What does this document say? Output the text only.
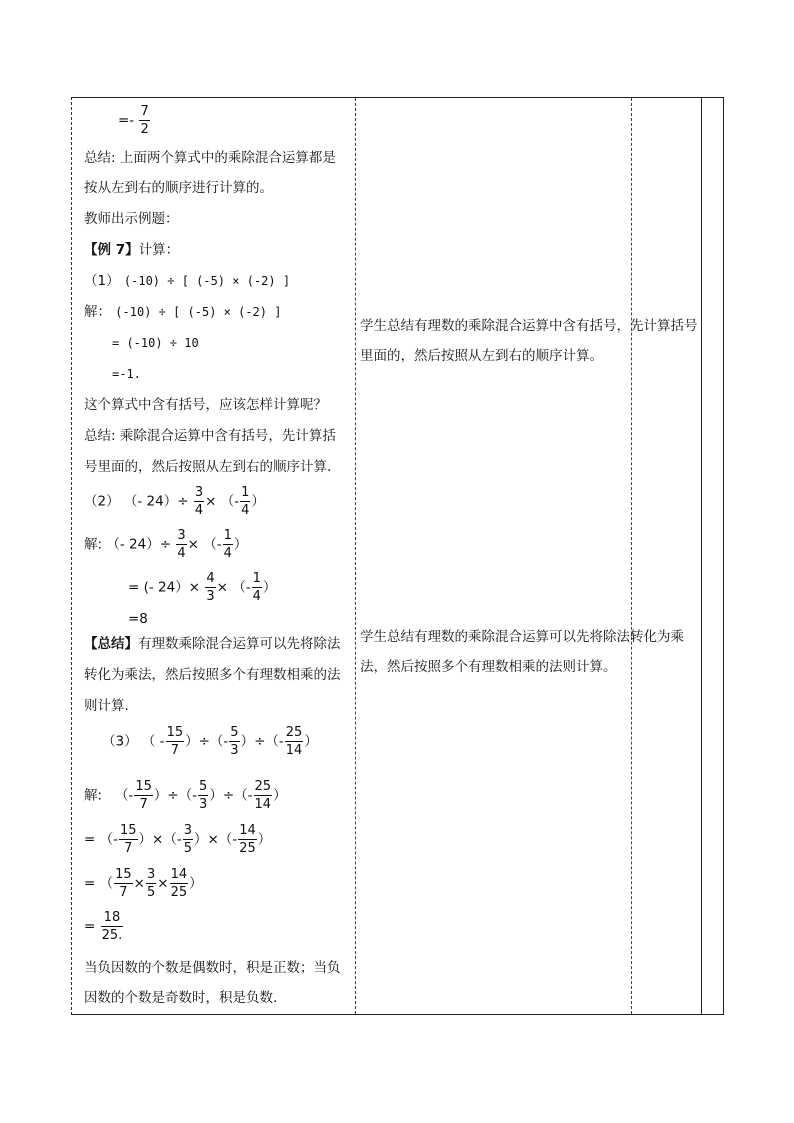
=- $\frac{7}{2}$
总结: 上面两个算式中的乘除混合运算都是
按从左到右的顺序进行计算的。
教师出示例题：
【例 7】计算：
（1） (-10) ÷ [ (-5) × (-2) ]
解： (-10) ÷ [ (-5) × (-2) ]
= (-10) ÷ 10
=-1.
这个算式中含有括号，应该怎样计算呢？
总结: 乘除混合运算中含有括号，先计算括
号里面的，然后按照从左到右的顺序计算.
（2） （- $24)\div \frac{3}{4}$ × （- $\frac{1}{4}$ ）
解: （- $24)\div \frac{3}{4}$ × （- $\frac{1}{4}$ ）
= (- $24)\times \frac{4}{3}$ × （- $\frac{1}{4}$ ）
=8
【总结】有理数乘除混合运算可以先将除法
转化为乘法，然后按照多个有理数相乘的法
则计算.
（3） （ - $\frac{15}{7}$ ）÷（- $\frac{5}{3}$ ）÷（- $\frac{25}{14}$ ）
解: （- $\frac{15}{7}$ ）÷（- $\frac{5}{3}$ ）÷（- $\frac{25}{14}$ ）
= （- $\frac{15}{7}$ ）×（- $\frac{3}{5}$ ）×（- $\frac{14}{25}$ ）
= （ $\frac{15}{7} \times \frac{3}{5} \times \frac{14}{25}$ ）
= $\frac{18}{25.}$
当负因数的个数是偶数时，积是正数；当负
因数的个数是奇数时，积是负数.
学生总结有理数的乘除混合运算中含有括号，先计算括号里面的，然后按照从左到右的顺序计算。
学生总结有理数的乘除混合运算可以先将除法转化为乘法，然后按照多个有理数相乘的法则计算。
